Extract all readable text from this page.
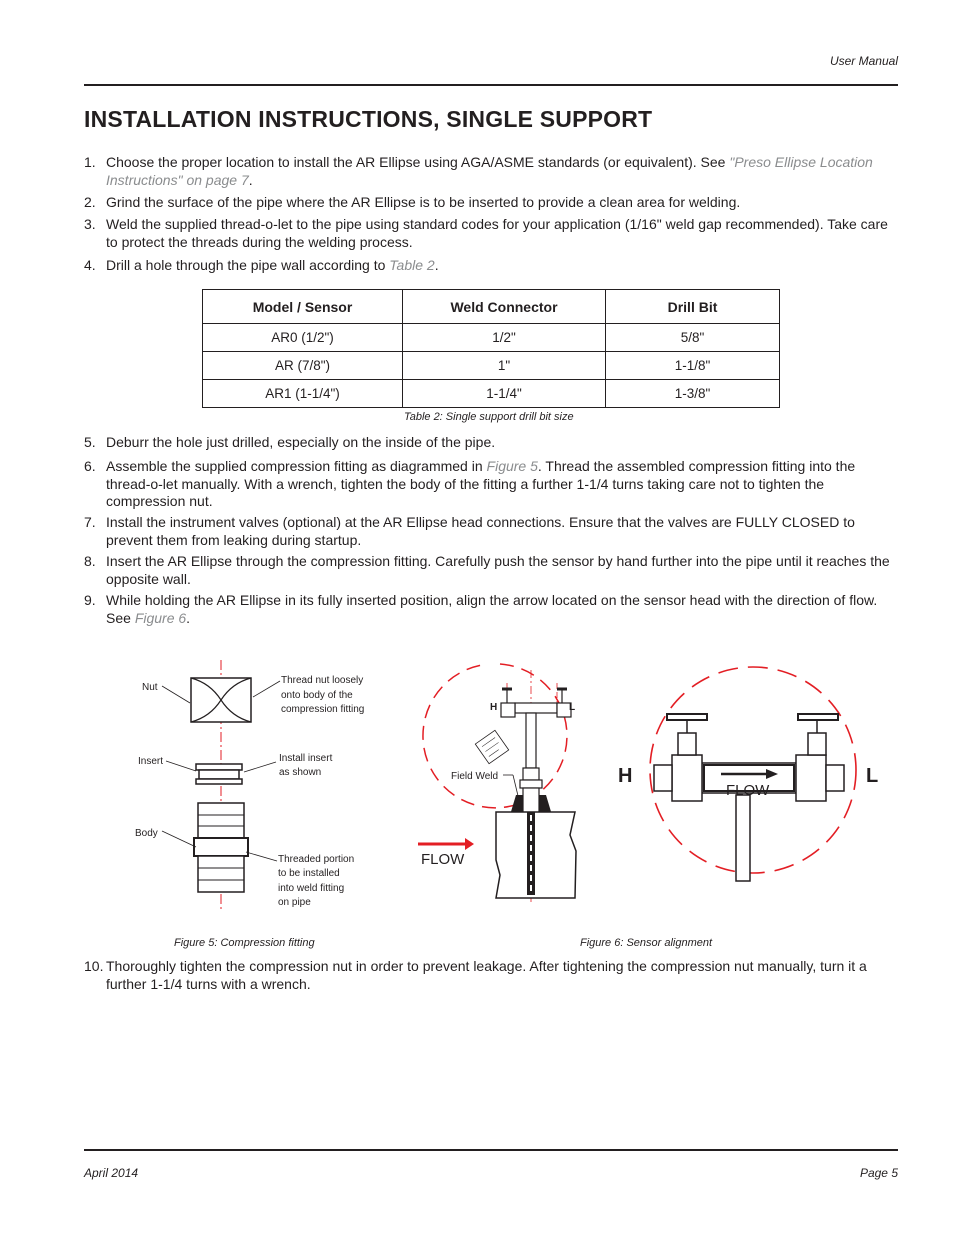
User Manual
INSTALLATION INSTRUCTIONS, SINGLE SUPPORT
1. Choose the proper location to install the AR Ellipse using AGA/ASME standards (or equivalent). See "Preso Ellipse Location Instructions" on page 7.
2. Grind the surface of the pipe where the AR Ellipse is to be inserted to provide a clean area for welding.
3. Weld the supplied thread-o-let to the pipe using standard codes for your application (1/16" weld gap recommended). Take care to protect the threads during the welding process.
4. Drill a hole through the pipe wall according to Table 2.
Model / Sensor	Weld Connector	Drill Bit
AR0 (1/2")	1/2"	5/8"
AR (7/8")	1"	1-1/8"
AR1 (1-1/4")	1-1/4"	1-3/8"
Table 2: Single support drill bit size
5. Deburr the hole just drilled, especially on the inside of the pipe.
6. Assemble the supplied compression fitting as diagrammed in Figure 5. Thread the assembled compression fitting into the thread-o-let manually. With a wrench, tighten the body of the fitting a further 1-1/4 turns taking care not to tighten the compression nut.
7. Install the instrument valves (optional) at the AR Ellipse head connections. Ensure that the valves are FULLY CLOSED to prevent them from leaking during startup.
8. Insert the AR Ellipse through the compression fitting. Carefully push the sensor by hand further into the pipe until it reaches the opposite wall.
9. While holding the AR Ellipse in its fully inserted position, align the arrow located on the sensor head with the direction of flow. See Figure 6.
Nut
Insert
Body
Thread nut loosely
onto body of the
compression fitting
Install insert
as shown
Threaded portion
to be installed
into weld fitting
on pipe
Figure 5: Compression fitting
H	L
Field Weld
FLOW
FLOW
H	L
Figure 6: Sensor alignment
10. Thoroughly tighten the compression nut in order to prevent leakage. After tightening the compression nut manually, turn it a further 1-1/4 turns with a wrench.
April 2014	Page 5
